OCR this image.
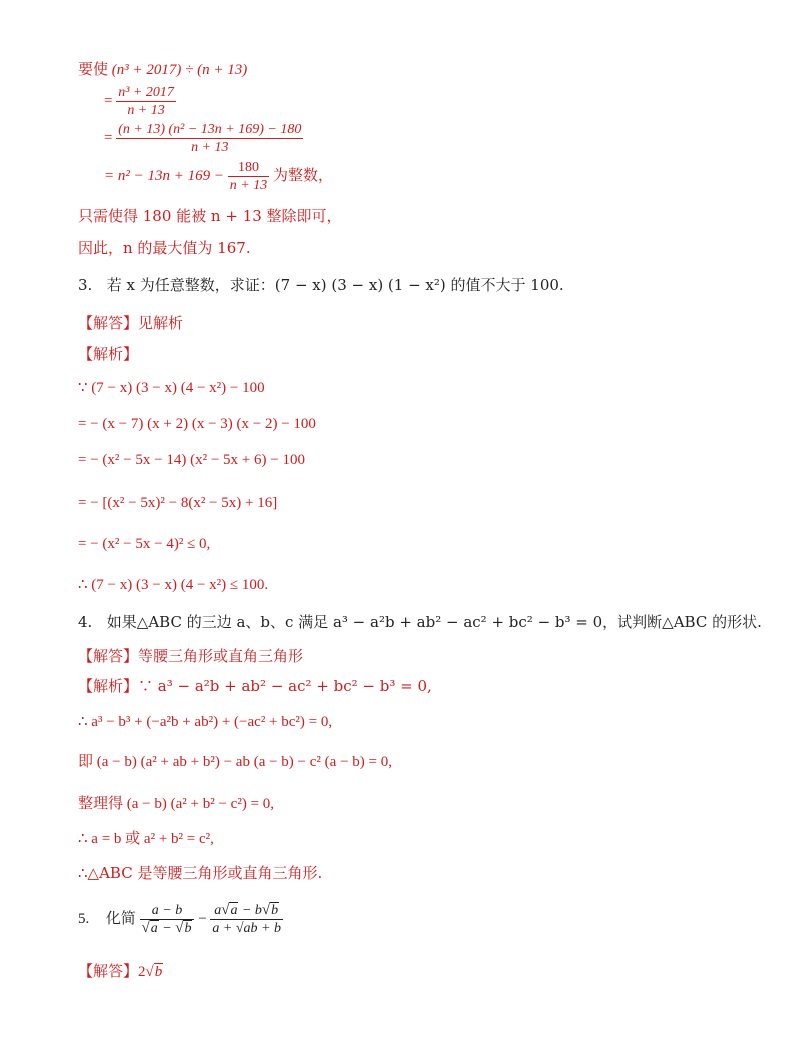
要使 (n³ + 2017) ÷ (n + 13)
= $\frac{\text{n³ + 2017}}{n + 13}$
= $\frac{\text{(n + 13) (n² − 13n + 169) − 180}}{n + 13}$
= $n^2 - 13n + 169 - \frac{180}{n + 13}$ 为整数，
只需使得 180 能被 n + 13 整除即可，
因此，n 的最大值为 167.
3. 若 x 为任意整数，求证：(7 − x) (3 − x) (1 − x²) 的值不大于 100.
【解答】见解析
【解析】
∵ (7 − x) (3 − x) (4 − x²) − 100
= − (x − 7) (x + 2) (x − 3) (x − 2) − 100
= − (x² − 5x − 14) (x² − 5x + 6) − 100
= − [(x² − 5x)² − 8(x² − 5x) + 16]
= − (x² − 5x − 4)² ≤ 0,
∴ (7 − x) (3 − x) (4 − x²) ≤ 100.
4. 如果△ABC 的三边 a、b、c 满足 a³ − a²b + ab² − ac² + bc² − b³ = 0，试判断△ABC 的形状.
【解答】等腰三角形或直角三角形
【解析】∵ a³ − a²b + ab² − ac² + bc² − b³ = 0,
∴ a³ − b³ + (−a²b + ab²) + (−ac² + bc²) = 0,
即 (a − b) (a² + ab + b²) − ab (a − b) − c² (a − b) = 0,
整理得 (a − b) (a² + b² − c²) = 0,
∴ a = b 或 a² + b² = c²,
∴△ABC 是等腰三角形或直角三角形.
5. 化简 $\frac{a - b}{√a - √b} - \frac{a√a - b√b}{a + √ab + b}$
【解答】2√b
